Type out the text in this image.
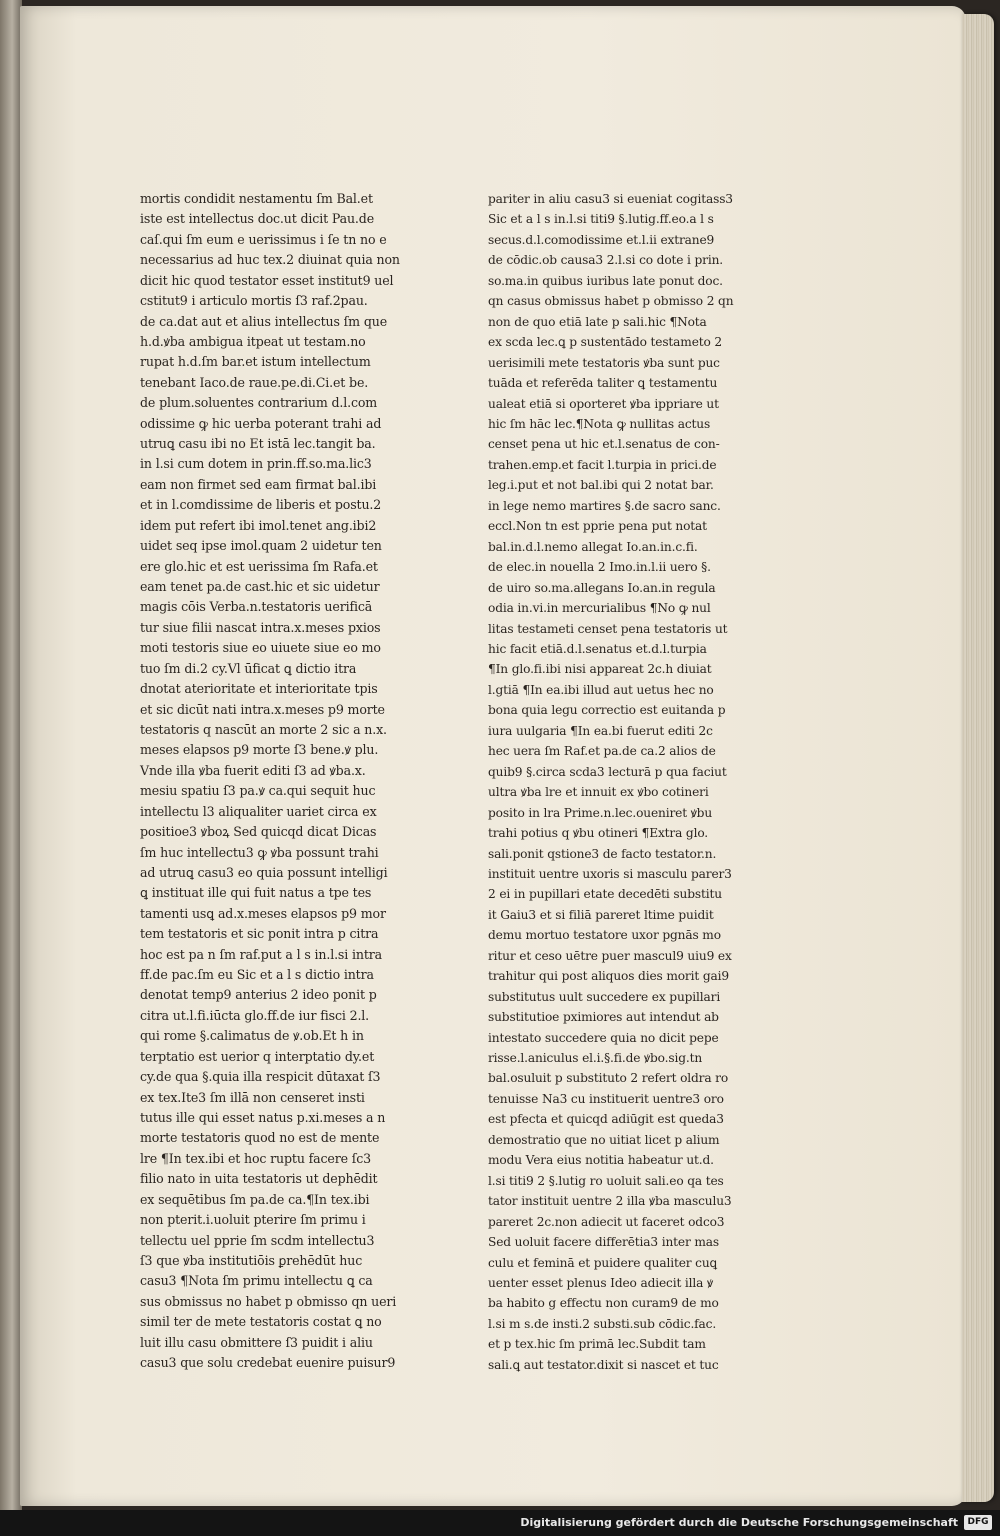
mortis condidit nestamentu ſm Bal.et
iste est intellectus doc.ut dicit Pau.de
caſ.qui ſm eum e uerissimus i ſe tn no e
necessarius ad huc tex.2 diuinat quia non
dicit hic quod testator esset institut9 uel
cstitut9 i articulo mortis ſ3 raf.2pau.
de ca.dat aut et alius intellectus ſm que
h.d.ꝟba ambigua itpeat ut testam.no
rupat h.d.ſm bar.et istum intellectum
tenebant Iaco.de raue.pe.di.Ci.et be.
de plum.soluentes contrarium d.l.com
odissime ꝙ hic uerba poterant trahi ad
utruꝗ casu ibi no Et istā lec.tangit ba.
in l.si cum dotem in prin.ff.so.ma.lic3
eam non firmet sed eam firmat bal.ibi
et in l.comdissime de liberis et postu.2
idem put refert ibi imol.tenet ang.ibi2
uidet seq ipse imol.quam 2 uidetur ten
ere glo.hic et est uerissima ſm Rafa.et
eam tenet pa.de cast.hic et sic uidetur
magis cōis Verba.n.testatoris uerificā
tur siue filii nascat intra.x.meses pxios
moti testoris siue eo uiuete siue eo mo
tuo ſm di.2 cy.Vl ūficat ꝗ dictio itra
dnotat aterioritate et interioritate tpis
et sic dicūt nati intra.x.meses p9 morte
testatoris q nascūt an morte 2 sic a n.x.
meses elapsos p9 morte ſ3 bene.ꝟ plu.
Vnde illa ꝟba fuerit editi ſ3 ad ꝟba.x.
mesiu spatiu ſ3 pa.ꝟ ca.qui sequit huc
intellectu l3 aliqualiter uariet circa ex
positioe3 ꝟboꝝ Sed quicqd dicat Dicas
ſm huc intellectu3 ꝙ ꝟba possunt trahi
ad utruꝗ casu3 eo quia possunt intelligi
ꝗ instituat ille qui fuit natus a tpe tes
tamenti usꝗ ad.x.meses elapsos p9 mor
tem testatoris et sic ponit intra p citra
hoc est pa n ſm raf.put a l s in.l.si intra
ff.de pac.ſm eu Sic et a l s dictio intra
denotat temp9 anterius 2 ideo ponit p
citra ut.l.fi.iūcta glo.ff.de iur fisci 2.l.
qui rome §.calimatus de ꝟ.ob.Et h in
terptatio est uerior q interptatio dy.et
cy.de qua §.quia illa respicit dūtaxat ſ3
ex tex.Ite3 ſm illā non censeret insti
tutus ille qui esset natus p.xi.meses a n
morte testatoris quod no est de mente
lre ¶In tex.ibi et hoc ruptu facere ſc3
filio nato in uita testatoris ut dephēdit
ex sequētibus ſm pa.de ca.¶In tex.ibi
non pterit.i.uoluit pterire ſm primu i
tellectu uel pprie ſm scdm intellectu3
ſ3 que ꝟba institutiōis ꝑrehēdūt huc
casu3 ¶Nota ſm primu intellectu ꝗ ca
sus obmissus no habet p obmisso qn ueri
simil ter de mete testatoris costat ꝗ no
luit illu casu obmittere ſ3 puidit i aliu
casu3 que solu credebat euenire puisur9
pariter in aliu casu3 si eueniat cogitass3
Sic et a l s in.l.si titi9 §.lutig.ff.eo.a l s
secus.d.l.comodissime et.l.ii extrane9
de cōdic.ob causa3 2.l.si co dote i prin.
so.ma.in quibus iuribus late ponut doc.
qn casus obmissus habet p obmisso 2 qn
non de quo etiā late p sali.hic ¶Nota
ex scda lec.ꝗ p sustentādo testameto 2
uerisimili mete testatoris ꝟba sunt puc
tuāda et referēda taliter ꝗ testamentu
ualeat etiā si oporteret ꝟba ippriare ut
hic ſm hāc lec.¶Nota ꝙ nullitas actus
censet pena ut hic et.l.senatus de con-
trahen.emp.et facit l.turpia in prici.de
leg.i.put et not bal.ibi qui 2 notat bar.
in lege nemo martires §.de sacro sanc.
eccl.Non tn est pprie pena put notat
bal.in.d.l.nemo allegat Io.an.in.c.fi.
de elec.in nouella 2 Imo.in.l.ii uero §.
de uiro so.ma.allegans Io.an.in regula
odia in.vi.in mercurialibus ¶No ꝙ nul
litas testameti censet pena testatoris ut
hic facit etiā.d.l.senatus et.d.l.turpia
¶In glo.fi.ibi nisi appareat 2c.h diuiat
l.gtiā ¶In ea.ibi illud aut uetus hec no
bona quia legu correctio est euitanda p
iura uulgaria ¶In ea.bi fuerut editi 2c
hec uera ſm Raf.et pa.de ca.2 alios de
quib9 §.circa scda3 lecturā p qua faciut
ultra ꝟba lre et innuit ex ꝟbo cotineri
posito in lra Prime.n.lec.oueniret ꝟbu
trahi potius q ꝟbu otineri ¶Extra glo.
sali.ponit qstione3 de facto testator.n.
instituit uentre uxoris si masculu parer3
2 ei in pupillari etate decedēti substitu
it Gaiu3 et si filiā pareret ltime puidit
demu mortuo testatore uxor pgnās mo
ritur et ceso uētre puer mascul9 uiu9 ex
trahitur qui post aliquos dies morit gai9
substitutus uult succedere ex pupillari
substitutioe pximiores aut intendut ab
intestato succedere quia no dicit pepe
risse.l.aniculus el.i.§.fi.de ꝟbo.sig.tn
bal.osuluit p substituto 2 refert oldra ro
tenuisse Na3 cu instituerit uentre3 oro
est pfecta et quicqd adiūgit est queda3
demostratio que no uitiat licet p alium
modu Vera eius notitia habeatur ut.d.
l.si titi9 2 §.lutig ro uoluit sali.eo qa tes
tator instituit uentre 2 illa ꝟba masculu3
pareret 2c.non adiecit ut faceret odco3
Sed uoluit facere differētia3 inter mas
culu et feminā et puidere qualiter cuꝗ
uenter esset plenus Ideo adiecit illa ꝟ
ba habito g effectu non curam9 de mo
l.si m s.de insti.2 substi.sub cōdic.fac.
et p tex.hic ſm primā lec.Subdit tam
sali.ꝗ aut testator.dixit si nascet et tuc
Digitalisierung gefördert durch die Deutsche Forschungsgemeinschaft	DFG
